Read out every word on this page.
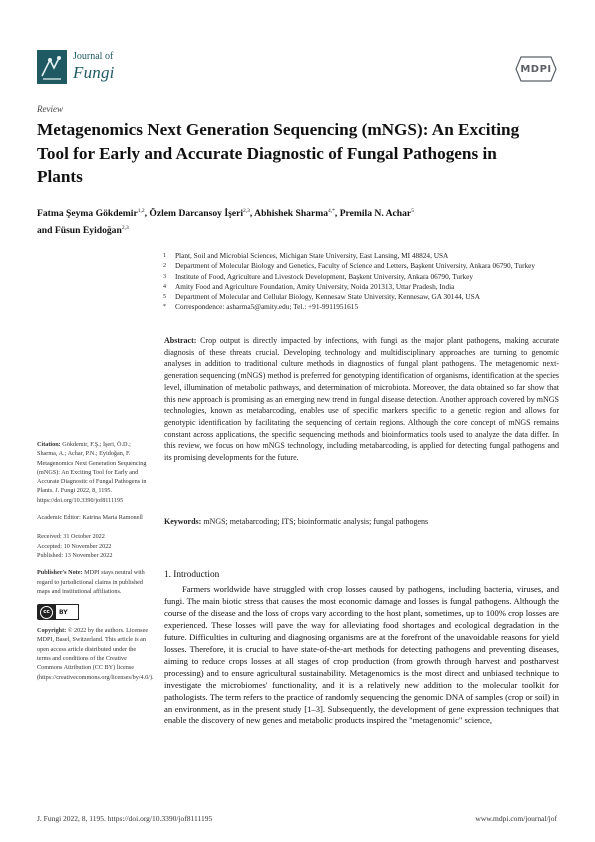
Journal of
Fungi	MDPI
Review
Metagenomics Next Generation Sequencing (mNGS): An Exciting Tool for Early and Accurate Diagnostic of Fungal Pathogens in Plants
Fatma Şeyma Gökdemir$^{1,2}$, Özlem Darcansoy İşeri$^{2,3}$, Abhishek Sharma$^{4,*}$, Premila N. Achar$^5$
and Füsun Eyidoğan$^{2,3}$
1	Plant, Soil and Microbial Sciences, Michigan State University, East Lansing, MI 48824, USA
2	Department of Molecular Biology and Genetics, Faculty of Science and Letters, Başkent University, Ankara 06790, Turkey
3	Institute of Food, Agriculture and Livestock Development, Başkent University, Ankara 06790, Turkey
4	Amity Food and Agriculture Foundation, Amity University, Noida 201313, Uttar Pradesh, India
5	Department of Molecular and Cellular Biology, Kennesaw State University, Kennesaw, GA 30144, USA
*	Correspondence: asharma5@amity.edu; Tel.: +91-9911951615
Abstract: Crop output is directly impacted by infections, with fungi as the major plant pathogens, making accurate diagnosis of these threats crucial. Developing technology and multidisciplinary approaches are turning to genomic analyses in addition to traditional culture methods in diagnostics of fungal plant pathogens. The metagenomic next-generation sequencing (mNGS) method is preferred for genotyping identification of organisms, identification at the species level, illumination of metabolic pathways, and determination of microbiota. Moreover, the data obtained so far show that this new approach is promising as an emerging new trend in fungal disease detection. Another approach covered by mNGS technologies, known as metabarcoding, enables use of specific markers specific to a genetic region and allows for genotypic identification by facilitating the sequencing of certain regions. Although the core concept of mNGS remains constant across applications, the specific sequencing methods and bioinformatics tools used to analyze the data differ. In this review, we focus on how mNGS technology, including metabarcoding, is applied for detecting fungal pathogens and its promising developments for the future.
Keywords: mNGS; metabarcoding; ITS; bioinformatic analysis; fungal pathogens

Citation: Gökdemir, F.Ş.; İşeri, Ö.D.; Sharma, A.; Achar, P.N.; Eyidoğan, F. Metagenomics Next Generation Sequencing (mNGS): An Exciting Tool for Early and Accurate Diagnostic of Fungal Pathogens in Plants. J. Fungi 2022, 8, 1195. https://doi.org/10.3390/jof8111195

Academic Editor: Katrina Maria Ramonell

Received: 31 October 2022

Accepted: 10 November 2022

Published: 13 November 2022

Publisher's Note: MDPI stays neutral with regard to jurisdictional claims in published maps and institutional affiliations.

cc	BY

Copyright: © 2022 by the authors. Licensee MDPI, Basel, Switzerland. This article is an open access article distributed under the terms and conditions of the Creative Commons Attribution (CC BY) license (https://creativecommons.org/licenses/by/4.0/).

1. Introduction
Farmers worldwide have struggled with crop losses caused by pathogens, including bacteria, viruses, and fungi. The main biotic stress that causes the most economic damage and losses is fungal pathogens. Although the course of the disease and the loss of crops vary according to the host plant, sometimes, up to 100% crop losses are experienced. These losses will pave the way for alleviating food shortages and ecological degradation in the future. Difficulties in culturing and diagnosing organisms are at the forefront of the unavoidable reasons for yield losses. Therefore, it is crucial to have state-of-the-art methods for detecting pathogens and preventing diseases, aiming to reduce crops losses at all stages of crop production (from growth through harvest and postharvest processing) and to ensure agricultural sustainability. Metagenomics is the most direct and unbiased technique to investigate the microbiomes' functionality, and it is a relatively new addition to the molecular toolkit for pathologists. The term refers to the practice of randomly sequencing the genomic DNA of samples (crop or soil) in an environment, as in the present study [1–3]. Subsequently, the development of gene expression techniques that enable the discovery of new genes and metabolic products inspired the "metagenomic" science,
J. Fungi 2022, 8, 1195. https://doi.org/10.3390/jof8111195	www.mdpi.com/journal/jof
